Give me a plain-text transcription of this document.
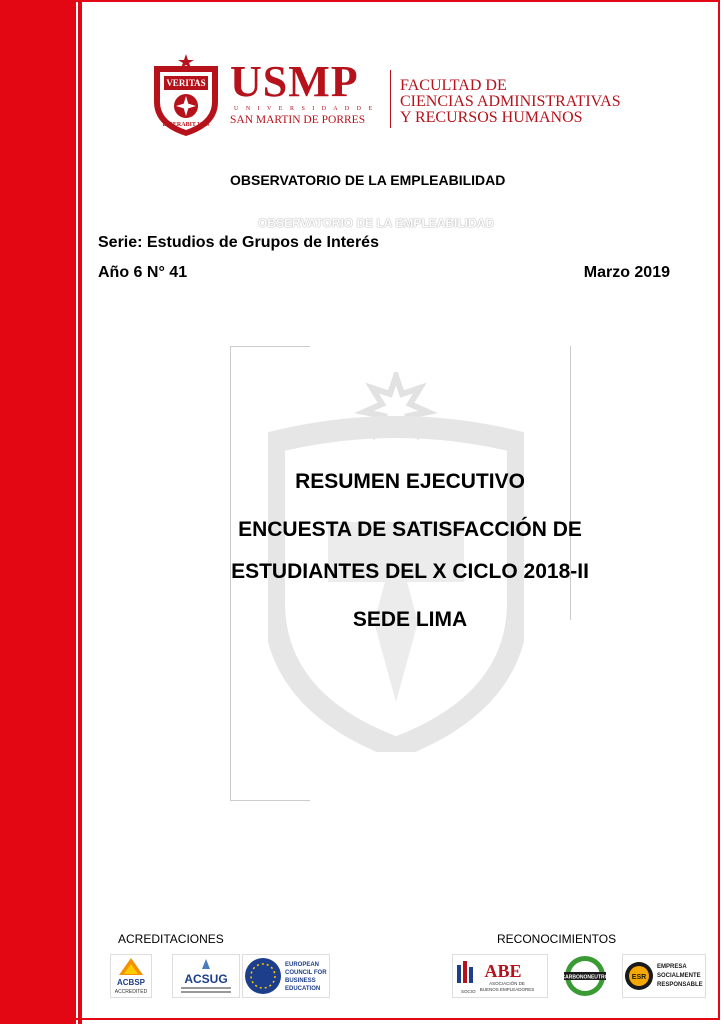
VERITAS
LIBERABIT VOS
USMP
U N I V E R S I D A D D E
SAN MARTIN DE PORRES
FACULTAD DE
CIENCIAS ADMINISTRATIVAS
Y RECURSOS HUMANOS
OBSERVATORIO DE LA EMPLEABILIDAD
OBSERVATORIO DE LA EMPLEABILIDAD
Serie: Estudios de Grupos de Interés
Año 6 N° 41	Marzo 2019
RESUMEN EJECUTIVO
ENCUESTA DE SATISFACCIÓN DE
ESTUDIANTES DEL X CICLO 2018-II
SEDE LIMA
ACREDITACIONES	RECONOCIMIENTOS
ACBSP
ACCREDITED
ACSUG
EUROPEAN
COUNCIL FOR
BUSINESS
EDUCATION
ABE
ASOCIACIÓN DE
BUENOS EMPLEADORES
SOCIO
CARBONONEUTRO	ESR
EMPRESA
SOCIALMENTE
RESPONSABLE
